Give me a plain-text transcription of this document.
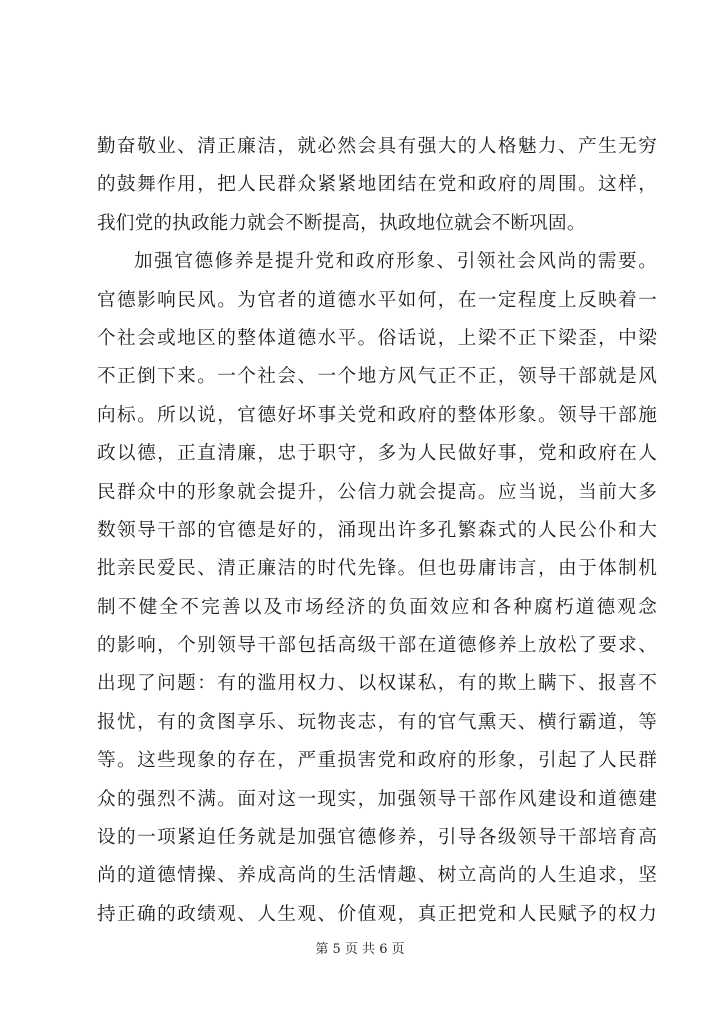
勤奋敬业、清正廉洁，就必然会具有强大的人格魅力、产生无穷
的鼓舞作用，把人民群众紧紧地团结在党和政府的周围。这样，
我们党的执政能力就会不断提高，执政地位就会不断巩固。
加强官德修养是提升党和政府形象、引领社会风尚的需要。
官德影响民风。为官者的道德水平如何，在一定程度上反映着一
个社会或地区的整体道德水平。俗话说，上梁不正下梁歪，中梁
不正倒下来。一个社会、一个地方风气正不正，领导干部就是风
向标。所以说，官德好坏事关党和政府的整体形象。领导干部施
政以德，正直清廉，忠于职守，多为人民做好事，党和政府在人
民群众中的形象就会提升，公信力就会提高。应当说，当前大多
数领导干部的官德是好的，涌现出许多孔繁森式的人民公仆和大
批亲民爱民、清正廉洁的时代先锋。但也毋庸讳言，由于体制机
制不健全不完善以及市场经济的负面效应和各种腐朽道德观念
的影响，个别领导干部包括高级干部在道德修养上放松了要求、
出现了问题：有的滥用权力、以权谋私，有的欺上瞒下、报喜不
报忧，有的贪图享乐、玩物丧志，有的官气熏天、横行霸道，等
等。这些现象的存在，严重损害党和政府的形象，引起了人民群
众的强烈不满。面对这一现实，加强领导干部作风建设和道德建
设的一项紧迫任务就是加强官德修养，引导各级领导干部培育高
尚的道德情操、养成高尚的生活情趣、树立高尚的人生追求，坚
持正确的政绩观、人生观、价值观，真正把党和人民赋予的权力
第 5 页 共 6 页
